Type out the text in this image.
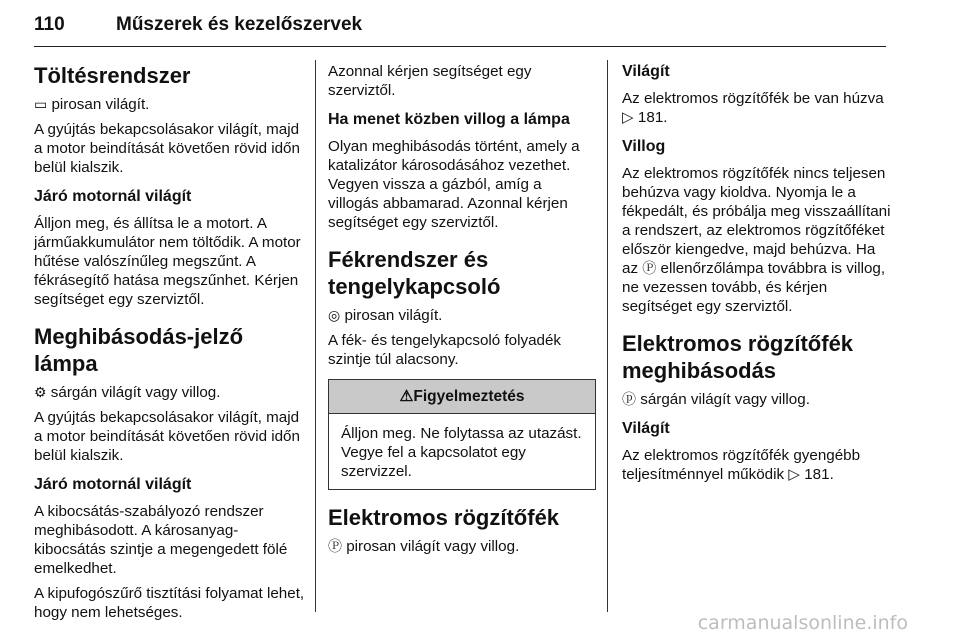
110	Műszerek és kezelőszervek
Töltésrendszer

▭ pirosan világít.

A gyújtás bekapcsolásakor világít, majd a motor beindítását követően rövid időn belül kialszik.

Járó motornál világít

Álljon meg, és állítsa le a motort. A járműakkumulátor nem töltődik. A motor hűtése valószínűleg megszűnt. A fékrásegítő hatása megszűnhet. Kérjen segítséget egy szerviztől.

Meghibásodás-jelző lámpa

⚙ sárgán világít vagy villog.

A gyújtás bekapcsolásakor világít, majd a motor beindítását követően rövid időn belül kialszik.

Járó motornál világít

A kibocsátás-szabályozó rendszer meghibásodott. A károsanyag-kibocsátás szintje a megengedett fölé emelkedhet.

A kipufogószűrő tisztítási folyamat lehet, hogy nem lehetséges.

Azonnal kérjen segítséget egy szerviztől.

Ha menet közben villog a lámpa

Olyan meghibásodás történt, amely a katalizátor károsodásához vezethet. Vegyen vissza a gázból, amíg a villogás abbamarad. Azonnal kérjen segítséget egy szerviztől.

Fékrendszer és tengelykapcsoló

◎ pirosan világít.

A fék- és tengelykapcsoló folyadék szintje túl alacsony.

⚠Figyelmeztetés

Álljon meg. Ne folytassa az utazást. Vegye fel a kapcsolatot egy szervizzel.

Elektromos rögzítőfék

Ⓟ pirosan világít vagy villog.

Világít

Az elektromos rögzítőfék be van húzva ▷ 181.

Villog

Az elektromos rögzítőfék nincs teljesen behúzva vagy kioldva. Nyomja le a fékpedált, és próbálja meg visszaállítani a rendszert, az elektromos rögzítőféket először kiengedve, majd behúzva. Ha az Ⓟ ellenőrzőlámpa továbbra is villog, ne vezessen tovább, és kérjen segítséget egy szerviztől.

Elektromos rögzítőfék meghibásodás

ⓟ sárgán világít vagy villog.

Világít

Az elektromos rögzítőfék gyengébb teljesítménnyel működik ▷ 181.

carmanualsonline.info
